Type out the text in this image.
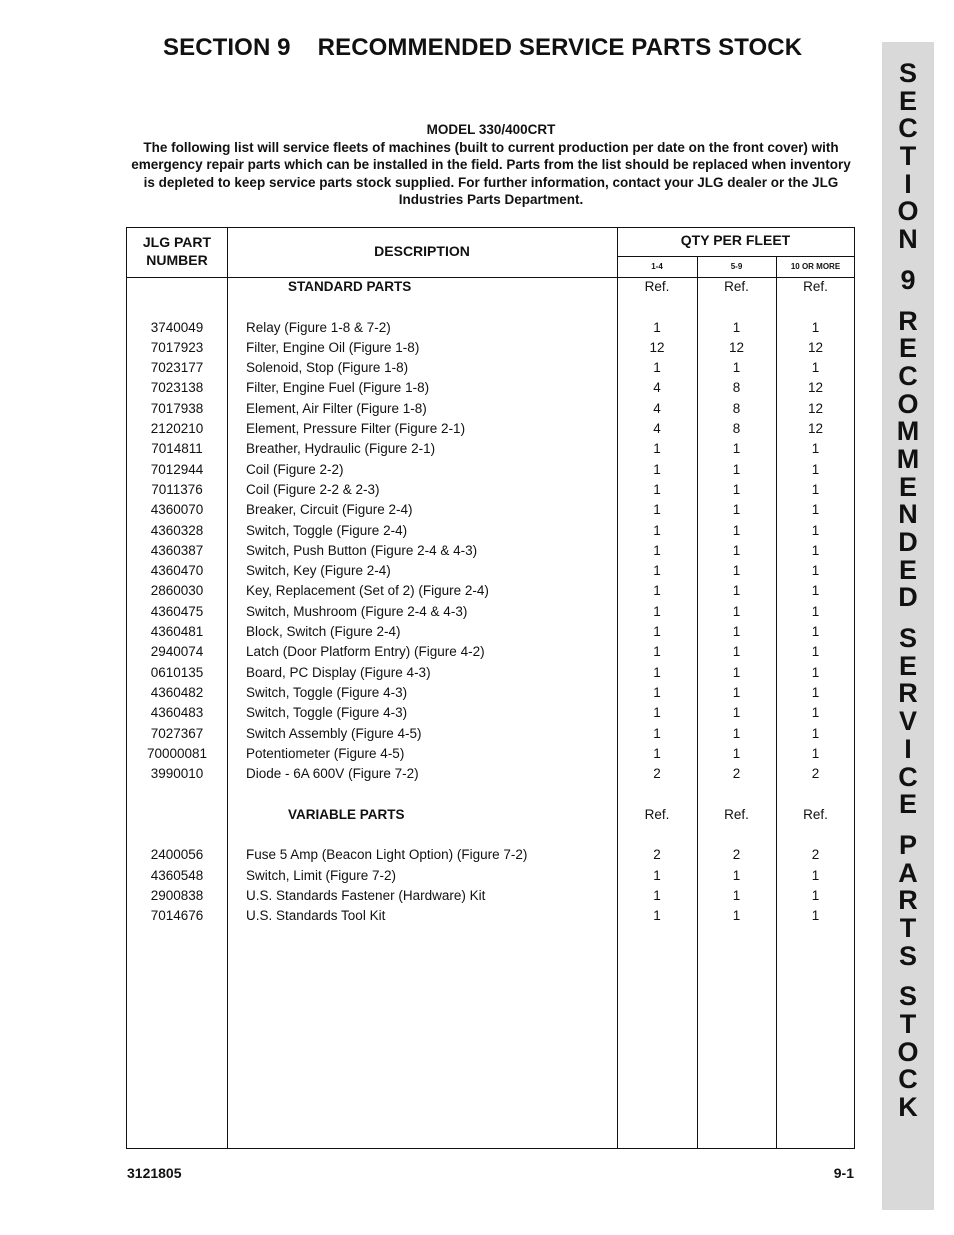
SECTION 9    RECOMMENDED SERVICE PARTS STOCK
S
E
C
T
I
O
N
9
R
E
C
O
M
M
E
N
D
E
D
S
E
R
V
I
C
E
P
A
R
T
S
S
T
O
C
K
MODEL 330/400CRT
The following list will service fleets of machines (built to current production per date on the front cover) with emergency repair parts which can be installed in the field. Parts from the list should be replaced when inventory is depleted to keep service parts stock supplied. For further information, contact your JLG dealer or the JLG Industries Parts Department.
JLG PART NUMBER
DESCRIPTION
QTY PER FLEET
1-4	5-9	10 OR MORE
STANDARD PARTS	Ref.	Ref.	Ref.
3740049	Relay (Figure 1-8 & 7-2)	1	1	1
7017923	Filter, Engine Oil (Figure 1-8)	12	12	12
7023177	Solenoid, Stop (Figure 1-8)	1	1	1
7023138	Filter, Engine Fuel (Figure 1-8)	4	8	12
7017938	Element, Air Filter (Figure 1-8)	4	8	12
2120210	Element, Pressure Filter (Figure 2-1)	4	8	12
7014811	Breather, Hydraulic (Figure 2-1)	1	1	1
7012944	Coil (Figure 2-2)	1	1	1
7011376	Coil (Figure 2-2 & 2-3)	1	1	1
4360070	Breaker, Circuit (Figure 2-4)	1	1	1
4360328	Switch, Toggle (Figure 2-4)	1	1	1
4360387	Switch, Push Button (Figure 2-4 & 4-3)	1	1	1
4360470	Switch, Key (Figure 2-4)	1	1	1
2860030	Key, Replacement (Set of 2) (Figure 2-4)	1	1	1
4360475	Switch, Mushroom (Figure 2-4 & 4-3)	1	1	1
4360481	Block, Switch (Figure 2-4)	1	1	1
2940074	Latch (Door Platform Entry) (Figure 4-2)	1	1	1
0610135	Board, PC Display (Figure 4-3)	1	1	1
4360482	Switch, Toggle (Figure 4-3)	1	1	1
4360483	Switch, Toggle (Figure 4-3)	1	1	1
7027367	Switch Assembly (Figure 4-5)	1	1	1
70000081	Potentiometer (Figure 4-5)	1	1	1
3990010	Diode - 6A 600V (Figure 7-2)	2	2	2
VARIABLE PARTS	Ref.	Ref.	Ref.
2400056	Fuse 5 Amp (Beacon Light Option) (Figure 7-2)	2	2	2
4360548	Switch, Limit (Figure 7-2)	1	1	1
2900838	U.S. Standards Fastener (Hardware) Kit	1	1	1
7014676	U.S. Standards Tool Kit	1	1	1
3121805	9-1
